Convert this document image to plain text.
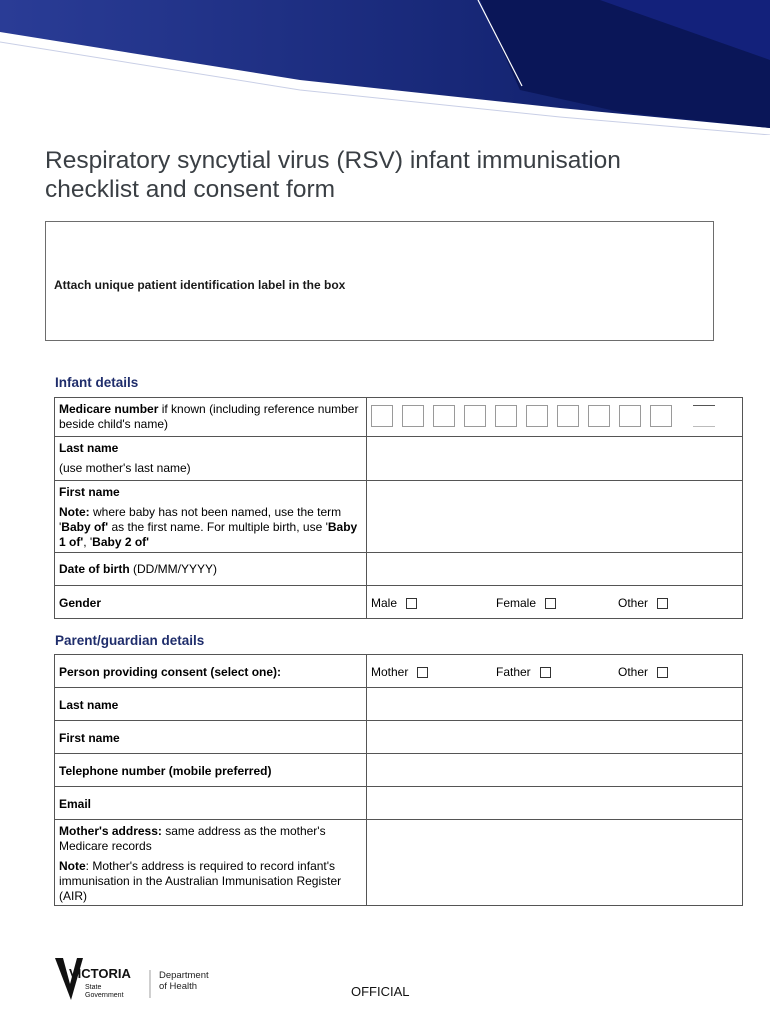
Respiratory syncytial virus (RSV) infant immunisation
checklist and consent form
Attach unique patient identification label in the box
Infant details
Medicare number if known (including reference number beside child's name)	

Last name
(use mother's last name)	

First name
Note: where baby has not been named, use the term 'Baby of' as the first name. For multiple birth, use 'Baby 1 of', 'Baby 2 of'	

Date of birth (DD/MM/YYYY)	
Gender	Male Female Other
Parent/guardian details
Person providing consent (select one):	Mother Father Other

Last name	
First name	
Telephone number (mobile preferred)	
Email	
Mother's address: same address as the mother's Medicare records
Note: Mother's address is required to record infant's immunisation in the Australian Immunisation Register (AIR)	

VICTORIA
State
Government
Department
of Health	OFFICIAL
